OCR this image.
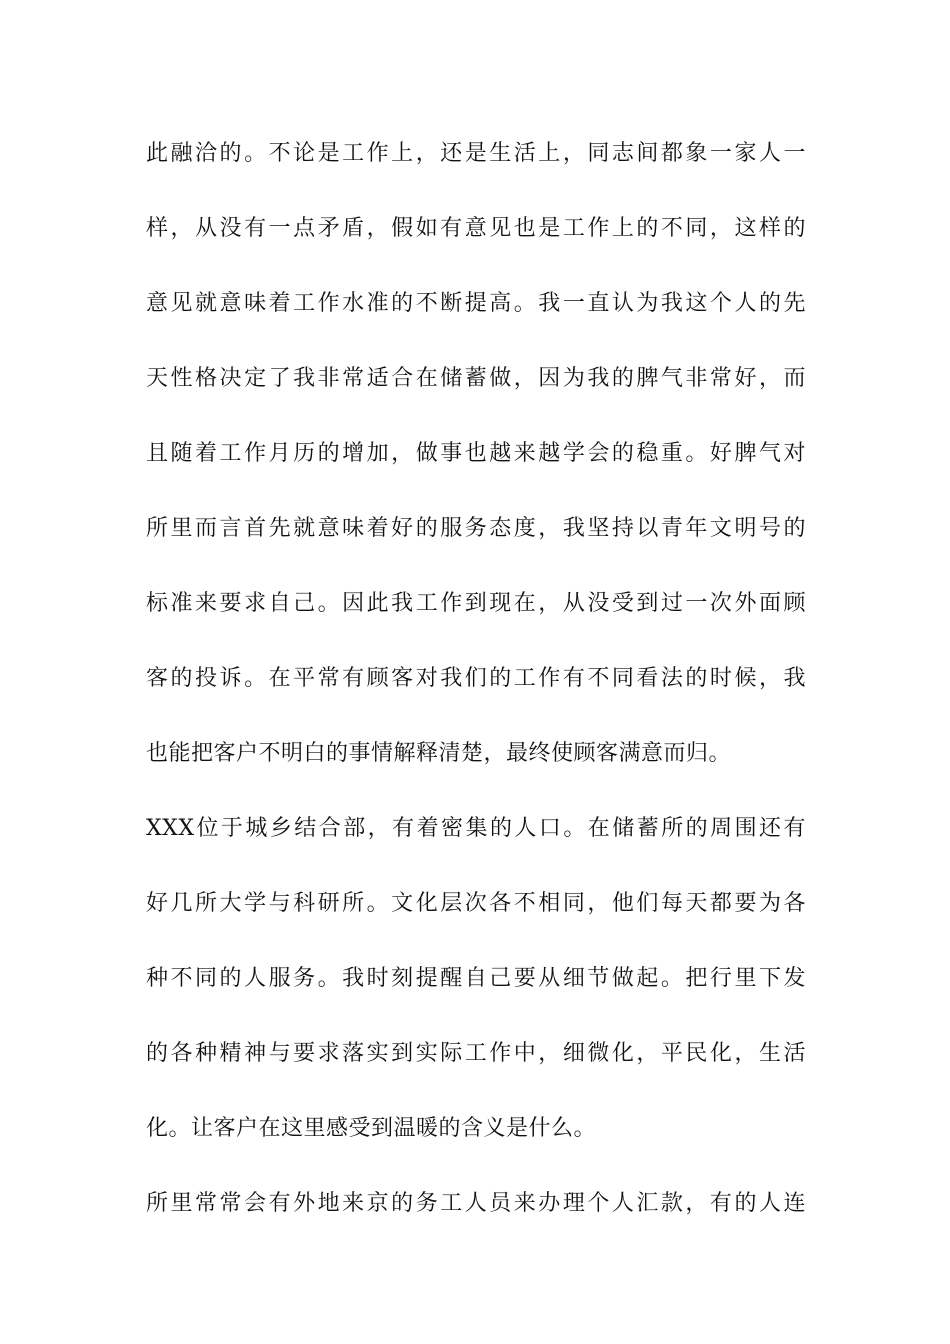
此融洽的。不论是工作上，还是生活上，同志间都象一家人一
样，从没有一点矛盾，假如有意见也是工作上的不同，这样的
意见就意味着工作水准的不断提高。我一直认为我这个人的先
天性格决定了我非常适合在储蓄做，因为我的脾气非常好，而
且随着工作月历的增加，做事也越来越学会的稳重。好脾气对
所里而言首先就意味着好的服务态度，我坚持以青年文明号的
标准来要求自己。因此我工作到现在，从没受到过一次外面顾
客的投诉。在平常有顾客对我们的工作有不同看法的时候，我
也能把客户不明白的事情解释清楚，最终使顾客满意而归。
XXX位于城乡结合部，有着密集的人口。在储蓄所的周围还有
好几所大学与科研所。文化层次各不相同，他们每天都要为各
种不同的人服务。我时刻提醒自己要从细节做起。把行里下发
的各种精神与要求落实到实际工作中，细微化，平民化，生活
化。让客户在这里感受到温暖的含义是什么。
所里常常会有外地来京的务工人员来办理个人汇款，有的人连
